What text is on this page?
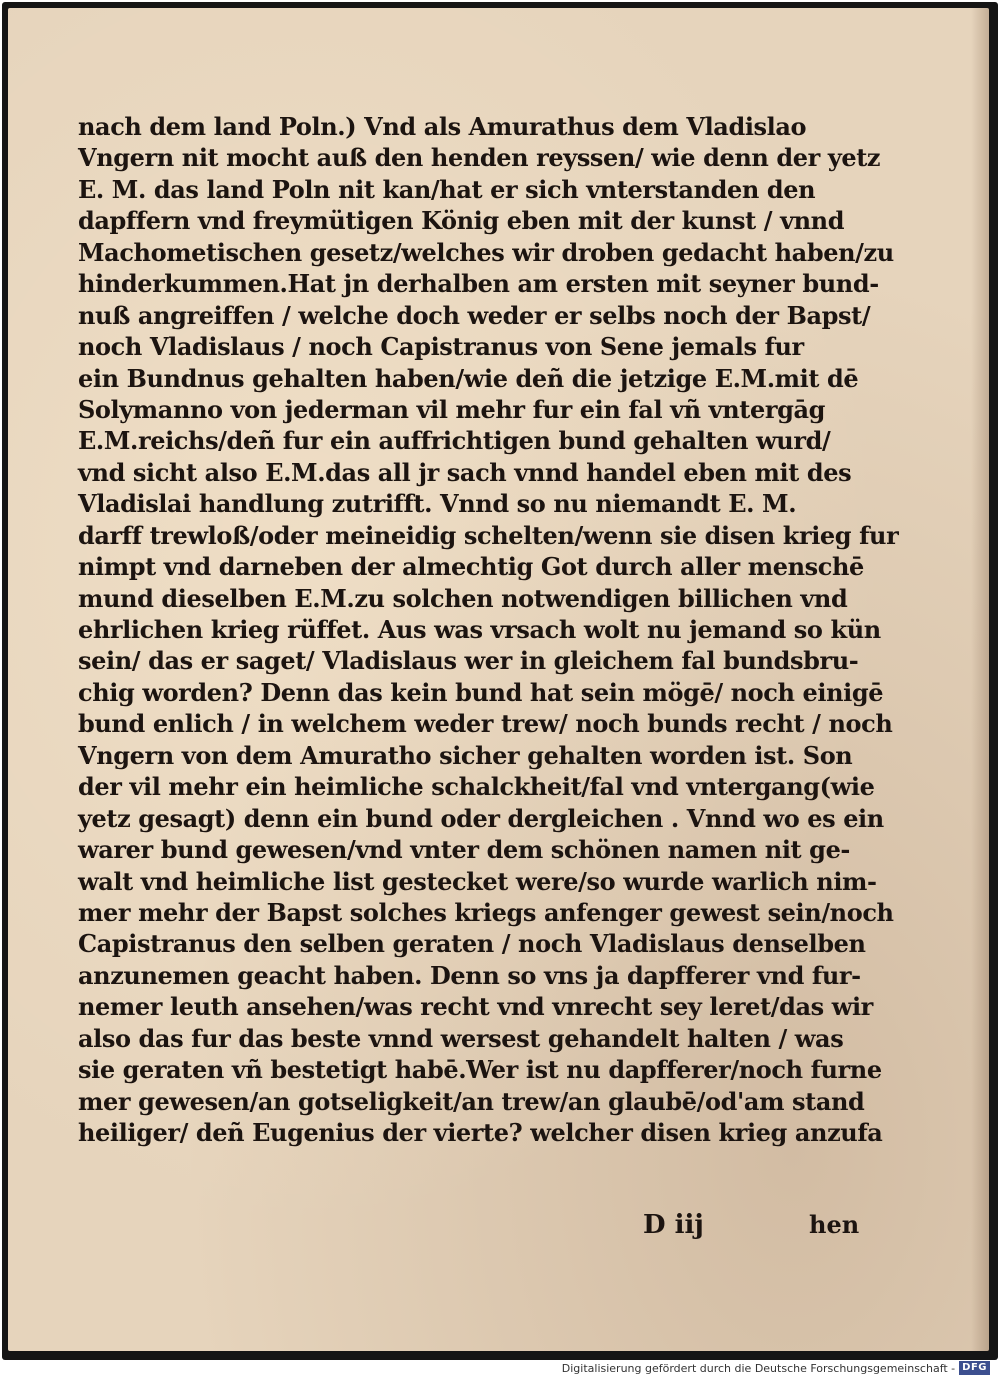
nach dem land Poln.) Vnd als Amurathus dem Vladislao
Vngern nit mocht auß den henden reyssen/ wie denn der yetz
E. M. das land Poln nit kan/hat er sich vnterstanden den
dapffern vnd freymütigen König eben mit der kunst / vnnd
Machometischen gesetz/welches wir droben gedacht haben/zu
hinderkummen.Hat jn derhalben am ersten mit seyner bund-
nuß angreiffen / welche doch weder er selbs noch der Bapst/
noch Vladislaus / noch Capistranus von Sene jemals fur
ein Bundnus gehalten haben/wie deñ die jetzige E.M.mit dē
Solymanno von jederman vil mehr fur ein fal vñ vntergāg
E.M.reichs/deñ fur ein auffrichtigen bund gehalten wurd/
vnd sicht also E.M.das all jr sach vnnd handel eben mit des
Vladislai handlung zutrifft. Vnnd so nu niemandt E. M.
darff trewloß/oder meineidig schelten/wenn sie disen krieg fur
nimpt vnd darneben der almechtig Got durch aller menschē
mund dieselben E.M.zu solchen notwendigen billichen vnd
ehrlichen krieg rüffet. Aus was vrsach wolt nu jemand so kün
sein/ das er saget/ Vladislaus wer in gleichem fal bundsbru-
chig worden? Denn das kein bund hat sein mögē/ noch einigē
bund enlich / in welchem weder trew/ noch bunds recht / noch
Vngern von dem Amuratho sicher gehalten worden ist. Son
der vil mehr ein heimliche schalckheit/fal vnd vntergang(wie
yetz gesagt) denn ein bund oder dergleichen . Vnnd wo es ein
warer bund gewesen/vnd vnter dem schönen namen nit ge-
walt vnd heimliche list gestecket were/so wurde warlich nim-
mer mehr der Bapst solches kriegs anfenger gewest sein/noch
Capistranus den selben geraten / noch Vladislaus denselben
anzunemen geacht haben. Denn so vns ja dapfferer vnd fur-
nemer leuth ansehen/was recht vnd vnrecht sey leret/das wir
also das fur das beste vnnd wersest gehandelt halten / was
sie geraten vñ bestetigt habē.Wer ist nu dapfferer/noch furne
mer gewesen/an gotseligkeit/an trew/an glaubē/od'am stand
heiliger/ deñ Eugenius der vierte? welcher disen krieg anzufa
D iij	hen
Digitalisierung gefördert durch die Deutsche Forschungsgemeinschaft - DFG
